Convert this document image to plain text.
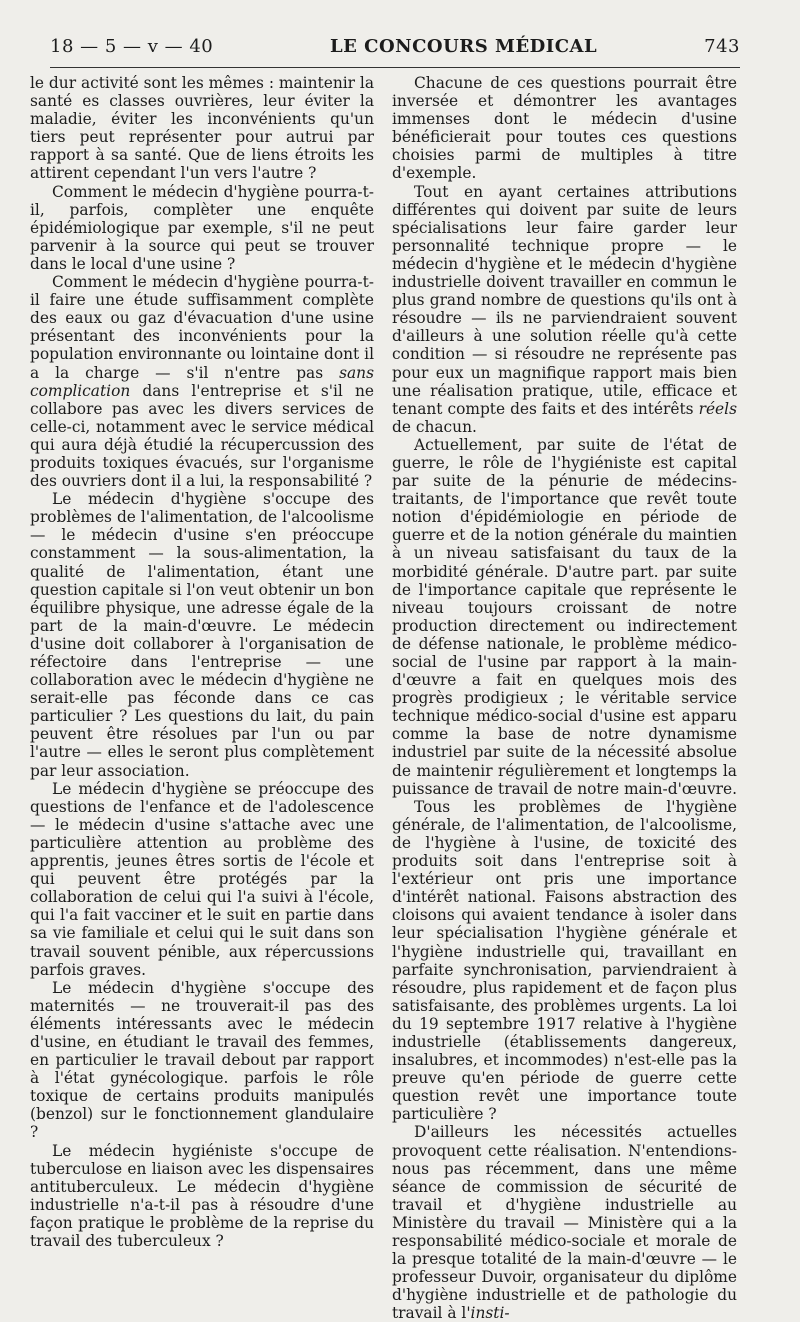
18 — 5 — v — 40	LE CONCOURS MÉDICAL	743

le dur activité sont les mêmes : maintenir la santé es classes ouvrières, leur éviter la maladie, éviter les inconvénients qu'un tiers peut représenter pour autrui par rapport à sa santé. Que de liens étroits les attirent cependant l'un vers l'autre ?

Comment le médecin d'hygiène pourra-t-il, parfois, complèter une enquête épidémiologique par exemple, s'il ne peut parvenir à la source qui peut se trouver dans le local d'une usine ?

Comment le médecin d'hygiène pourra-t-il faire une étude suffisamment complète des eaux ou gaz d'évacuation d'une usine présentant des inconvénients pour la population environnante ou lointaine dont il a la charge — s'il n'entre pas sans complication dans l'entreprise et s'il ne collabore pas avec les divers services de celle-ci, notamment avec le service médical qui aura déjà étudié la récupercussion des produits toxiques évacués, sur l'organisme des ouvriers dont il a lui, la responsabilité ?

Le médecin d'hygiène s'occupe des problèmes de l'alimentation, de l'alcoolisme — le médecin d'usine s'en préoccupe constamment — la sous-alimentation, la qualité de l'alimentation, étant une question capitale si l'on veut obtenir un bon équilibre physique, une adresse égale de la part de la main-d'œuvre. Le médecin d'usine doit collaborer à l'organisation de réfectoire dans l'entreprise — une collaboration avec le médecin d'hygiène ne serait-elle pas féconde dans ce cas particulier ? Les questions du lait, du pain peuvent être résolues par l'un ou par l'autre — elles le seront plus complètement par leur association.

Le médecin d'hygiène se préoccupe des questions de l'enfance et de l'adolescence — le médecin d'usine s'attache avec une particulière attention au problème des apprentis, jeunes êtres sortis de l'école et qui peuvent être protégés par la collaboration de celui qui l'a suivi à l'école, qui l'a fait vacciner et le suit en partie dans sa vie familiale et celui qui le suit dans son travail souvent pénible, aux répercussions parfois graves.

Le médecin d'hygiène s'occupe des maternités — ne trouverait-il pas des éléments intéressants avec le médecin d'usine, en étudiant le travail des femmes, en particulier le travail debout par rapport à l'état gynécologique. parfois le rôle toxique de certains produits manipulés (benzol) sur le fonctionnement glandulaire ?

Le médecin hygiéniste s'occupe de tuberculose en liaison avec les dispensaires antituberculeux. Le médecin d'hygiène industrielle n'a-t-il pas à résoudre d'une façon pratique le problème de la reprise du travail des tuberculeux ?

Chacune de ces questions pourrait être inversée et démontrer les avantages immenses dont le médecin d'usine bénéficierait pour toutes ces questions choisies parmi de multiples à titre d'exemple.

Tout en ayant certaines attributions différentes qui doivent par suite de leurs spécialisations leur faire garder leur personnalité technique propre — le médecin d'hygiène et le médecin d'hygiène industrielle doivent travailler en commun le plus grand nombre de questions qu'ils ont à résoudre — ils ne parviendraient souvent d'ailleurs à une solution réelle qu'à cette condition — si résoudre ne représente pas pour eux un magnifique rapport mais bien une réalisation pratique, utile, efficace et tenant compte des faits et des intérêts réels de chacun.

Actuellement, par suite de l'état de guerre, le rôle de l'hygiéniste est capital par suite de la pénurie de médecins-traitants, de l'importance que revêt toute notion d'épidémiologie en période de guerre et de la notion générale du maintien à un niveau satisfaisant du taux de la morbidité générale. D'autre part. par suite de l'importance capitale que représente le niveau toujours croissant de notre production directement ou indirectement de défense nationale, le problème médico-social de l'usine par rapport à la main-d'œuvre a fait en quelques mois des progrès prodigieux ; le véritable service technique médico-social d'usine est apparu comme la base de notre dynamisme industriel par suite de la nécessité absolue de maintenir régulièrement et longtemps la puissance de travail de notre main-d'œuvre.

Tous les problèmes de l'hygiène générale, de l'alimentation, de l'alcoolisme, de l'hygiène à l'usine, de toxicité des produits soit dans l'entreprise soit à l'extérieur ont pris une importance d'intérêt national. Faisons abstraction des cloisons qui avaient tendance à isoler dans leur spécialisation l'hygiène générale et l'hygiène industrielle qui, travaillant en parfaite synchronisation, parviendraient à résoudre, plus rapidement et de façon plus satisfaisante, des problèmes urgents. La loi du 19 septembre 1917 relative à l'hygiène industrielle (établissements dangereux, insalubres, et incommodes) n'est-elle pas la preuve qu'en période de guerre cette question revêt une importance toute particulière ?

D'ailleurs les nécessités actuelles provoquent cette réalisation. N'entendions-nous pas récemment, dans une même séance de commission de sécurité de travail et d'hygiène industrielle au Ministère du travail — Ministère qui a la responsabilité médico-sociale et morale de la presque totalité de la main-d'œuvre — le professeur Duvoir, organisateur du diplôme d'hygiène industrielle et de pathologie du travail à l'insti-
